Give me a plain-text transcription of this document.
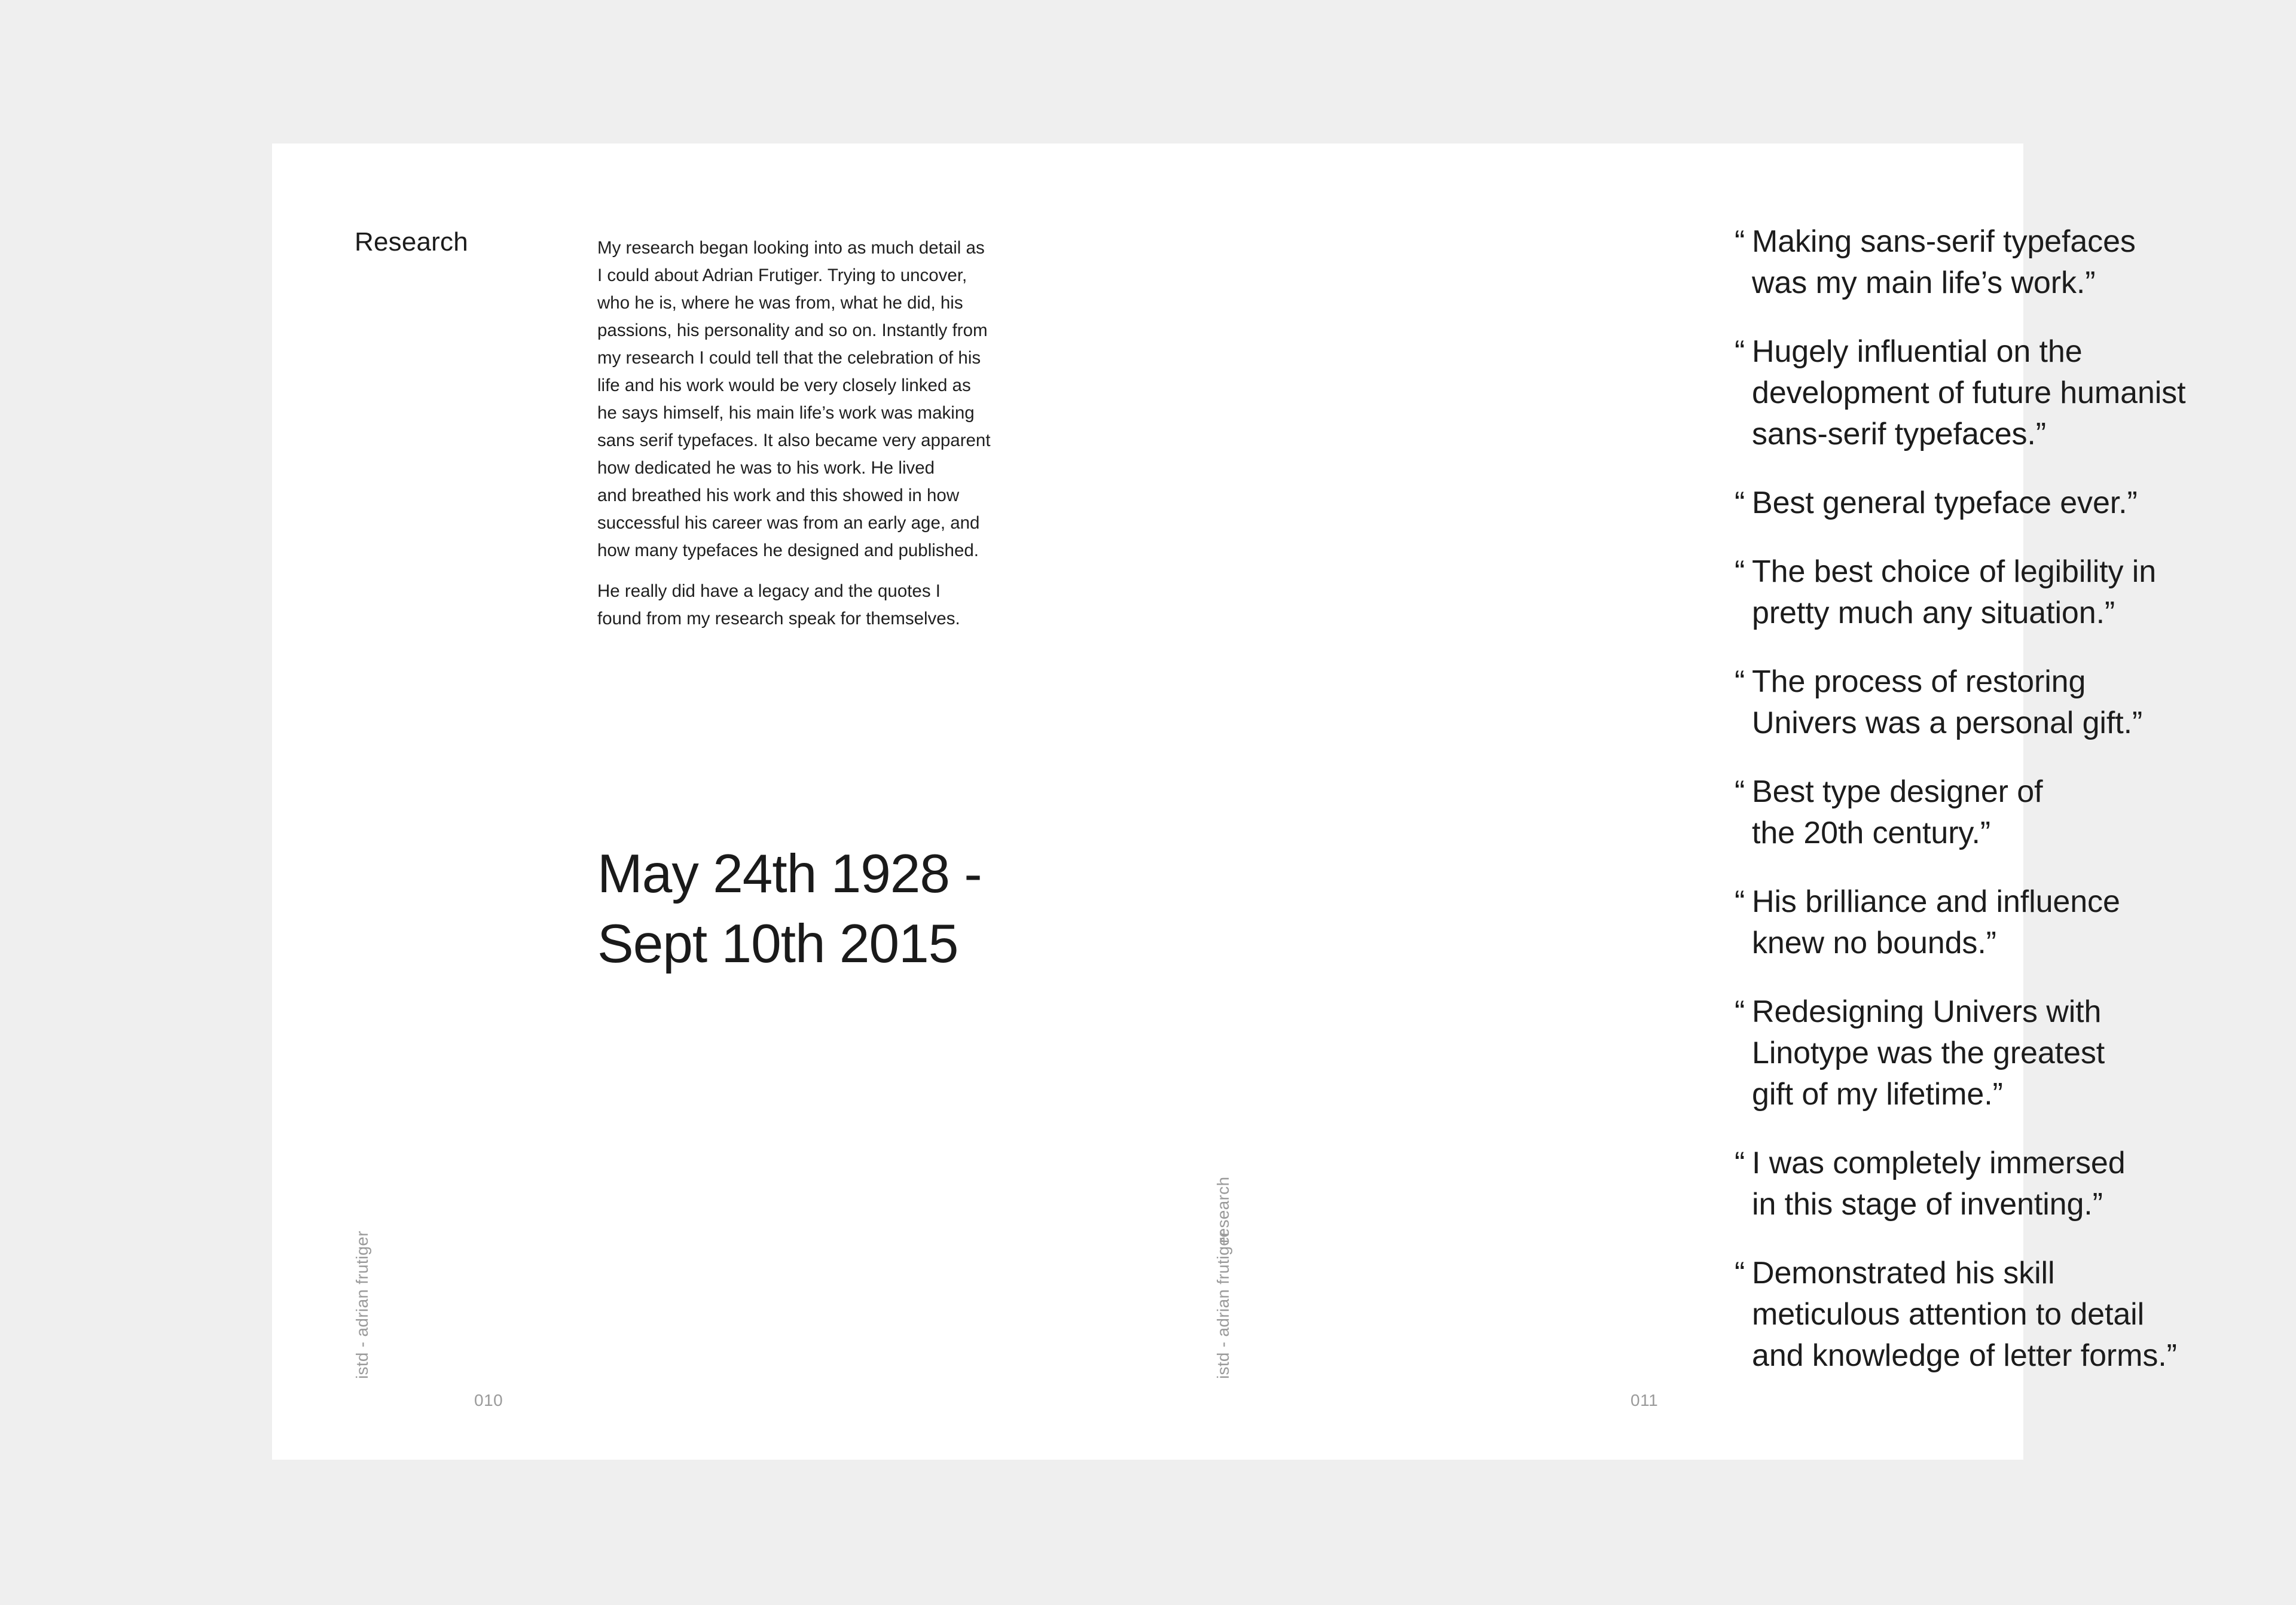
Research	My research began looking into as much detail as
I could about Adrian Frutiger. Trying to uncover,
who he is, where he was from, what he did, his
passions, his personality and so on. Instantly from
my research I could tell that the celebration of his
life and his work would be very closely linked as
he says himself, his main life’s work was making
sans serif typefaces. It also became very apparent
how dedicated he was to his work. He lived
and breathed his work and this showed in how
successful his career was from an early age, and
how many typefaces he designed and published.

He really did have a legacy and the quotes I
found from my research speak for themselves.

May 24th 1928 -
Sept 10th 2015
istd - adrian frutiger
010
research
istd - adrian frutiger
011
“ Making sans-serif typefaces
was my main life’s work.”
“ Hugely influential on the
development of future humanist
sans-serif typefaces.”
“ Best general typeface ever.”
“ The best choice of legibility in
pretty much any situation.”
“ The process of restoring
Univers was a personal gift.”
“ Best type designer of
the 20th century.”
“ His brilliance and influence
knew no bounds.”
“ Redesigning Univers with
Linotype was the greatest
gift of my lifetime.”
“ I was completely immersed
in this stage of inventing.”
“ Demonstrated his skill
meticulous attention to detail
and knowledge of letter forms.”
